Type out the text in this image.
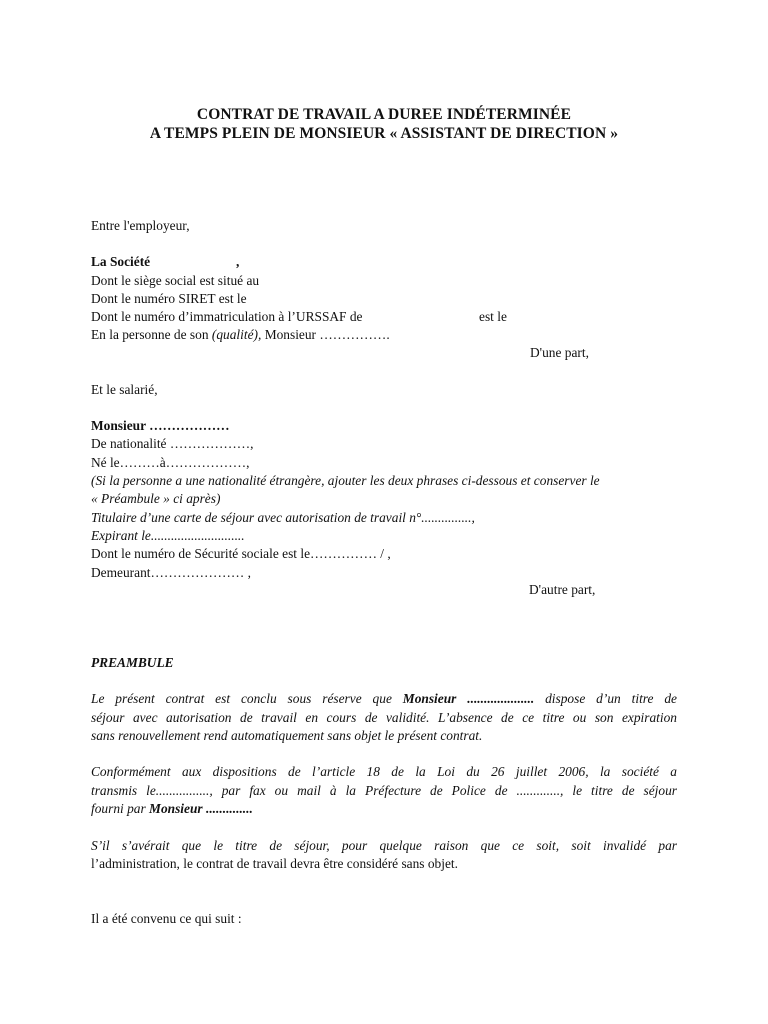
CONTRAT DE TRAVAIL A DUREE INDÉTERMINÉE
A TEMPS PLEIN DE MONSIEUR « ASSISTANT DE DIRECTION »
Entre l'employeur,
La Société	,
Dont le siège social est situé au
Dont le numéro SIRET est le
Dont le numéro d’immatriculation à l’URSSAF de	est le
En la personne de son (qualité), Monsieur …………….
D'une part,
Et le salarié,
Monsieur ………………
De nationalité ………………,
Né le………à………………,
(Si la personne a une nationalité étrangère, ajouter les deux phrases ci-dessous et conserver le
« Préambule » ci après)
Titulaire d’une carte de séjour avec autorisation de travail n°...............,
Expirant le............................
Dont le numéro de Sécurité sociale est le…………… / ,
Demeurant………………… ,
D'autre part,
PREAMBULE
Le présent contrat est conclu sous réserve que Monsieur .................... dispose d’un titre de
séjour avec autorisation de travail en cours de validité. L’absence de ce titre ou son expiration
sans renouvellement rend automatiquement sans objet le présent contrat.
Conformément aux dispositions de l’article 18 de la Loi du 26 juillet 2006, la société a
transmis le................, par fax ou mail à la Préfecture de Police de ............., le titre de séjour
fourni par Monsieur ..............
S’il s’avérait que le titre de séjour, pour quelque raison que ce soit, soit invalidé par
l’administration, le contrat de travail devra être considéré sans objet.
Il a été convenu ce qui suit :
